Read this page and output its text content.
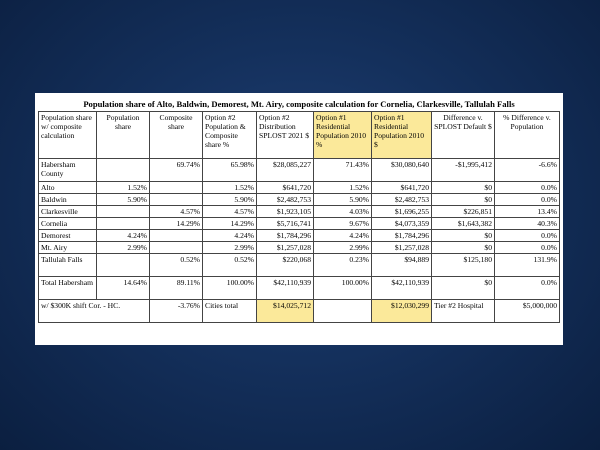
Population share of Alto, Baldwin, Demorest, Mt. Airy, composite calculation for Cornelia, Clarkesville, Tallulah Falls
Population share w/ composite calculation	Population share	Composite share	Option #2 Population & Composite share %	Option #2 Distribution SPLOST 2021 $	Option #1 Residential Population 2010 %	Option #1 Residential Population 2010 $	Difference v. SPLOST Default $	% Difference v. Population
Habersham County		69.74%	65.98%	$28,085,227	71.43%	$30,080,640	-$1,995,412	-6.6%
Alto	1.52%		1.52%	$641,720	1.52%	$641,720	$0	0.0%
Baldwin	5.90%		5.90%	$2,482,753	5.90%	$2,482,753	$0	0.0%
Clarkesville		4.57%	4.57%	$1,923,105	4.03%	$1,696,255	$226,851	13.4%
Cornelia		14.29%	14.29%	$5,716,741	9.67%	$4,073,359	$1,643,382	40.3%
Demorest	4.24%		4.24%	$1,784,296	4.24%	$1,784,296	$0	0.0%
Mt. Airy	2.99%		2.99%	$1,257,028	2.99%	$1,257,028	$0	0.0%
Tallulah Falls		0.52%	0.52%	$220,068	0.23%	$94,889	$125,180	131.9%
Total Habersham	14.64%	89.11%	100.00%	$42,110,939	100.00%	$42,110,939	$0	0.0%
w/ $300K shift Cor. - HC.		-3.76%	Cities total	$14,025,712		$12,030,299	Tier #2 Hospital	$5,000,000
